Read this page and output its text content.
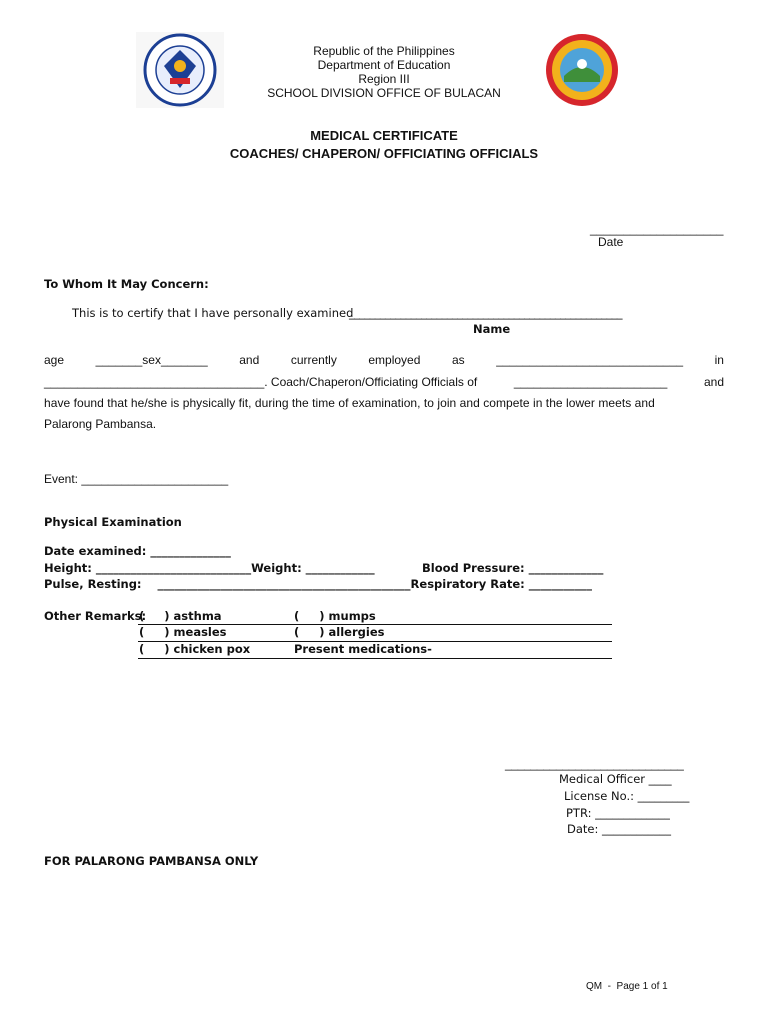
Republic of the Philippines
Department of Education
Region III
SCHOOL DIVISION OFFICE OF BULACAN
MEDICAL CERTIFICATE
COACHES/ CHAPERON/ OFFICIATING OFFICIALS
____________________
Date
To Whom It May Concern:
This is to certify that I have personally examined
_____________________________________________________
Name
age	_______sex_______	and	currently	employed	as	____________________________	in
_________________________________. Coach/Chaperon/Officiating Officials of	_______________________	and
have found that he/she is physically fit, during the time of examination, to join and compete in the lower meets and
Palarong Pambansa.
Event: ______________________
Physical Examination
Date examined: ______________
Height: ___________________________Weight: ____________	Blood Pressure: _____________
Pulse, Resting:    ____________________________________________Respiratory Rate: ___________
Other Remarks:
(     ) asthma	(     ) mumps
(     ) measles	(     ) allergies
(     ) chicken pox	Present medications-
____________________________
Medical Officer ____
License No.: _________
PTR: _____________
Date: ____________
FOR PALARONG PAMBANSA ONLY
QM  -  Page 1 of 1
